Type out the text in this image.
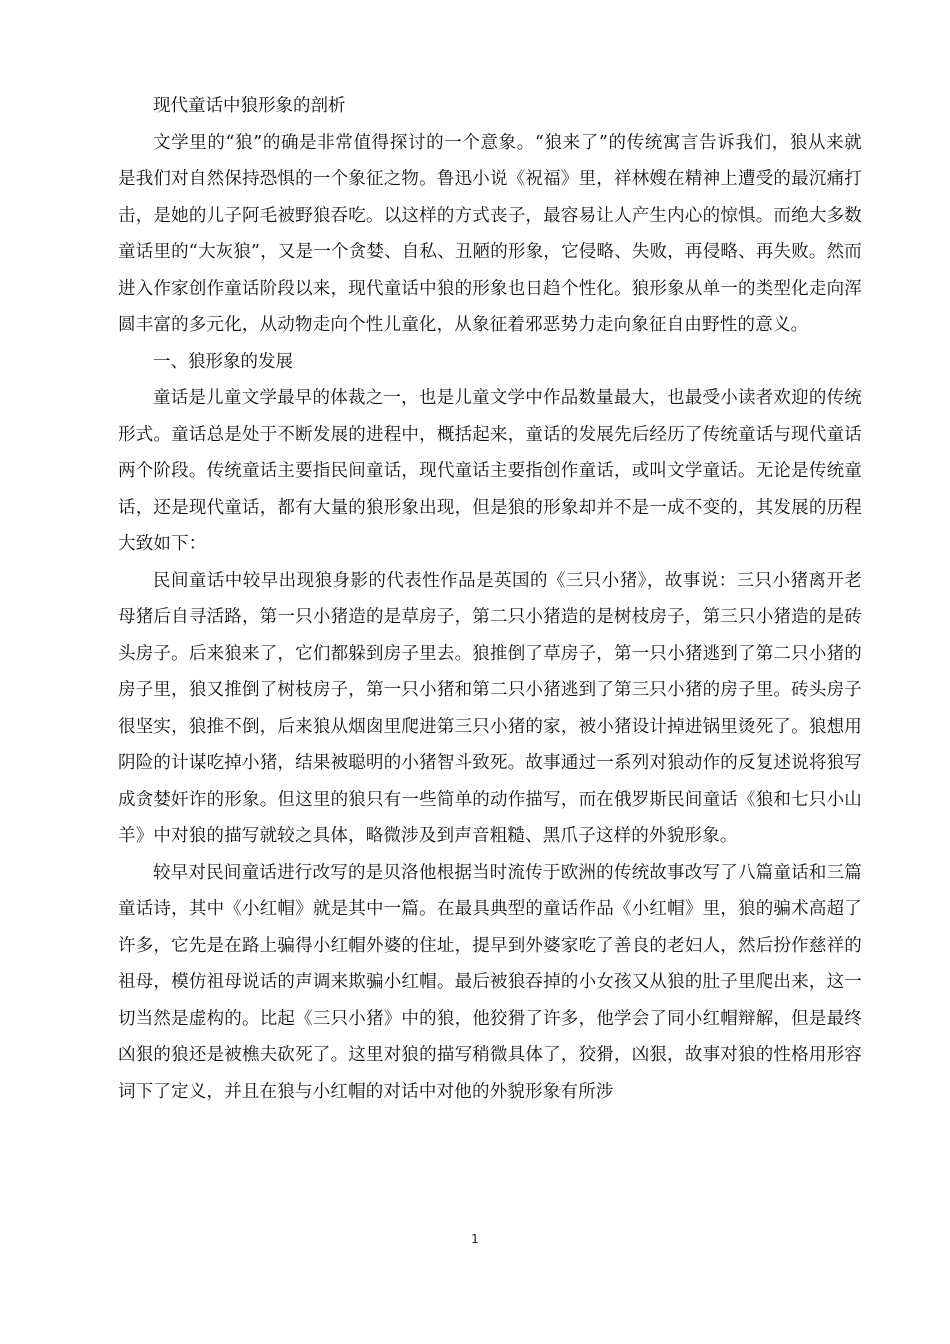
现代童话中狼形象的剖析

文学里的“狼”的确是非常值得探讨的一个意象。“狼来了”的传统寓言告诉我们，狼从来就是我们对自然保持恐惧的一个象征之物。鲁迅小说《祝福》里，祥林嫂在精神上遭受的最沉痛打击，是她的儿子阿毛被野狼吞吃。以这样的方式丧子，最容易让人产生内心的惊惧。而绝大多数童话里的“大灰狼”，又是一个贪婪、自私、丑陋的形象，它侵略、失败，再侵略、再失败。然而进入作家创作童话阶段以来，现代童话中狼的形象也日趋个性化。狼形象从单一的类型化走向浑圆丰富的多元化，从动物走向个性儿童化，从象征着邪恶势力走向象征自由野性的意义。

一、狼形象的发展

童话是儿童文学最早的体裁之一，也是儿童文学中作品数量最大，也最受小读者欢迎的传统形式。童话总是处于不断发展的进程中，概括起来，童话的发展先后经历了传统童话与现代童话两个阶段。传统童话主要指民间童话，现代童话主要指创作童话，或叫文学童话。无论是传统童话，还是现代童话，都有大量的狼形象出现，但是狼的形象却并不是一成不变的，其发展的历程大致如下：

民间童话中较早出现狼身影的代表性作品是英国的《三只小猪》，故事说：三只小猪离开老母猪后自寻活路，第一只小猪造的是草房子，第二只小猪造的是树枝房子，第三只小猪造的是砖头房子。后来狼来了，它们都躲到房子里去。狼推倒了草房子，第一只小猪逃到了第二只小猪的房子里，狼又推倒了树枝房子，第一只小猪和第二只小猪逃到了第三只小猪的房子里。砖头房子很坚实，狼推不倒，后来狼从烟囱里爬进第三只小猪的家，被小猪设计掉进锅里烫死了。狼想用阴险的计谋吃掉小猪，结果被聪明的小猪智斗致死。故事通过一系列对狼动作的反复述说将狼写成贪婪奸诈的形象。但这里的狼只有一些简单的动作描写，而在俄罗斯民间童话《狼和七只小山羊》中对狼的描写就较之具体，略微涉及到声音粗糙、黑爪子这样的外貌形象。

较早对民间童话进行改写的是贝洛他根据当时流传于欧洲的传统故事改写了八篇童话和三篇童话诗，其中《小红帽》就是其中一篇。在最具典型的童话作品《小红帽》里，狼的骗术高超了许多，它先是在路上骗得小红帽外婆的住址，提早到外婆家吃了善良的老妇人，然后扮作慈祥的祖母，模仿祖母说话的声调来欺骗小红帽。最后被狼吞掉的小女孩又从狼的肚子里爬出来，这一切当然是虚构的。比起《三只小猪》中的狼，他狡猾了许多，他学会了同小红帽辩解，但是最终凶狠的狼还是被樵夫砍死了。这里对狼的描写稍微具体了，狡猾，凶狠，故事对狼的性格用形容词下了定义，并且在狼与小红帽的对话中对他的外貌形象有所涉

1
